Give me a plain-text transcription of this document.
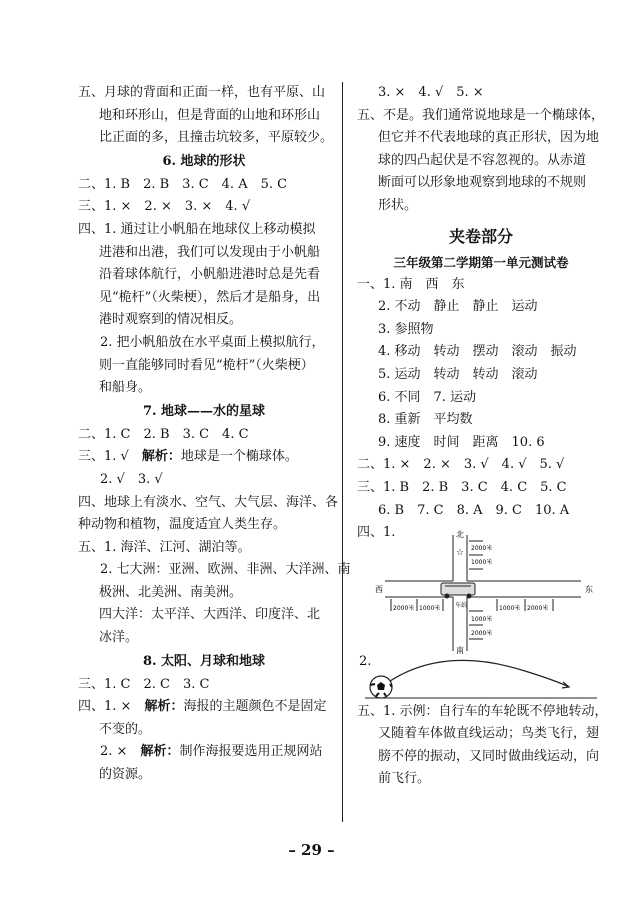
五、月球的背面和正面一样，也有平原、山
地和环形山，但是背面的山地和环形山
比正面的多，且撞击坑较多，平原较少。
6. 地球的形状
二、1. B　2. B　3. C　4. A　5. C
三、1. ×　2. ×　3. ×　4. √
四、1. 通过让小帆船在地球仪上移动模拟
进港和出港，我们可以发现由于小帆船
沿着球体航行，小帆船进港时总是先看
见“桅杆”（火柴梗），然后才是船身，出
港时观察到的情况相反。
2. 把小帆船放在水平桌面上模拟航行，
则一直能够同时看见“桅杆”（火柴梗）
和船身。
7. 地球——水的星球
二、1. C　2. B　3. C　4. C
三、1. √　解析：地球是一个椭球体。
2. √　3. √
四、地球上有淡水、空气、大气层、海洋、各
种动物和植物，温度适宜人类生存。
五、1. 海洋、江河、湖泊等。
2. 七大洲：亚洲、欧洲、非洲、大洋洲、南
极洲、北美洲、南美洲。
四大洋：太平洋、大西洋、印度洋、北
冰洋。
8. 太阳、月球和地球
三、1. C　2. C　3. C
四、1. ×　解析：海报的主题颜色不是固定
不变的。
2. ×　解析：制作海报要选用正规网站
的资源。
3. ×　4. √　5. ×
五、不是。我们通常说地球是一个椭球体，
但它并不代表地球的真正形状，因为地
球的四凸起伏是不容忽视的。从赤道
断面可以形象地观察到地球的不规则
形状。
夹卷部分
三年级第二学期第一单元测试卷
一、1. 南　西　东
2. 不动　静止　静止　运动
3. 参照物
4. 移动　转动　摆动　滚动　振动
5. 运动　转动　转动　滚动
6. 不同　7. 运动
8. 重新　平均数
9. 速度　时间　距离　10. 6
二、1. ×　2. ×　3. √　4. √　5. √
三、1. B　2. B　3. C　4. C　5. C
6. B　7. C　8. A　9. C　10. A
四、1.	北
☆ 2000米
1000米
西	东
车站
2000米 1000米	1000米 2000米
1000米
2000米
南
2.
五、1. 示例：自行车的车轮既不停地转动，
又随着车体做直线运动；鸟类飞行，翅
膀不停的振动，又同时做曲线运动，向
前飞行。
– 29 –
